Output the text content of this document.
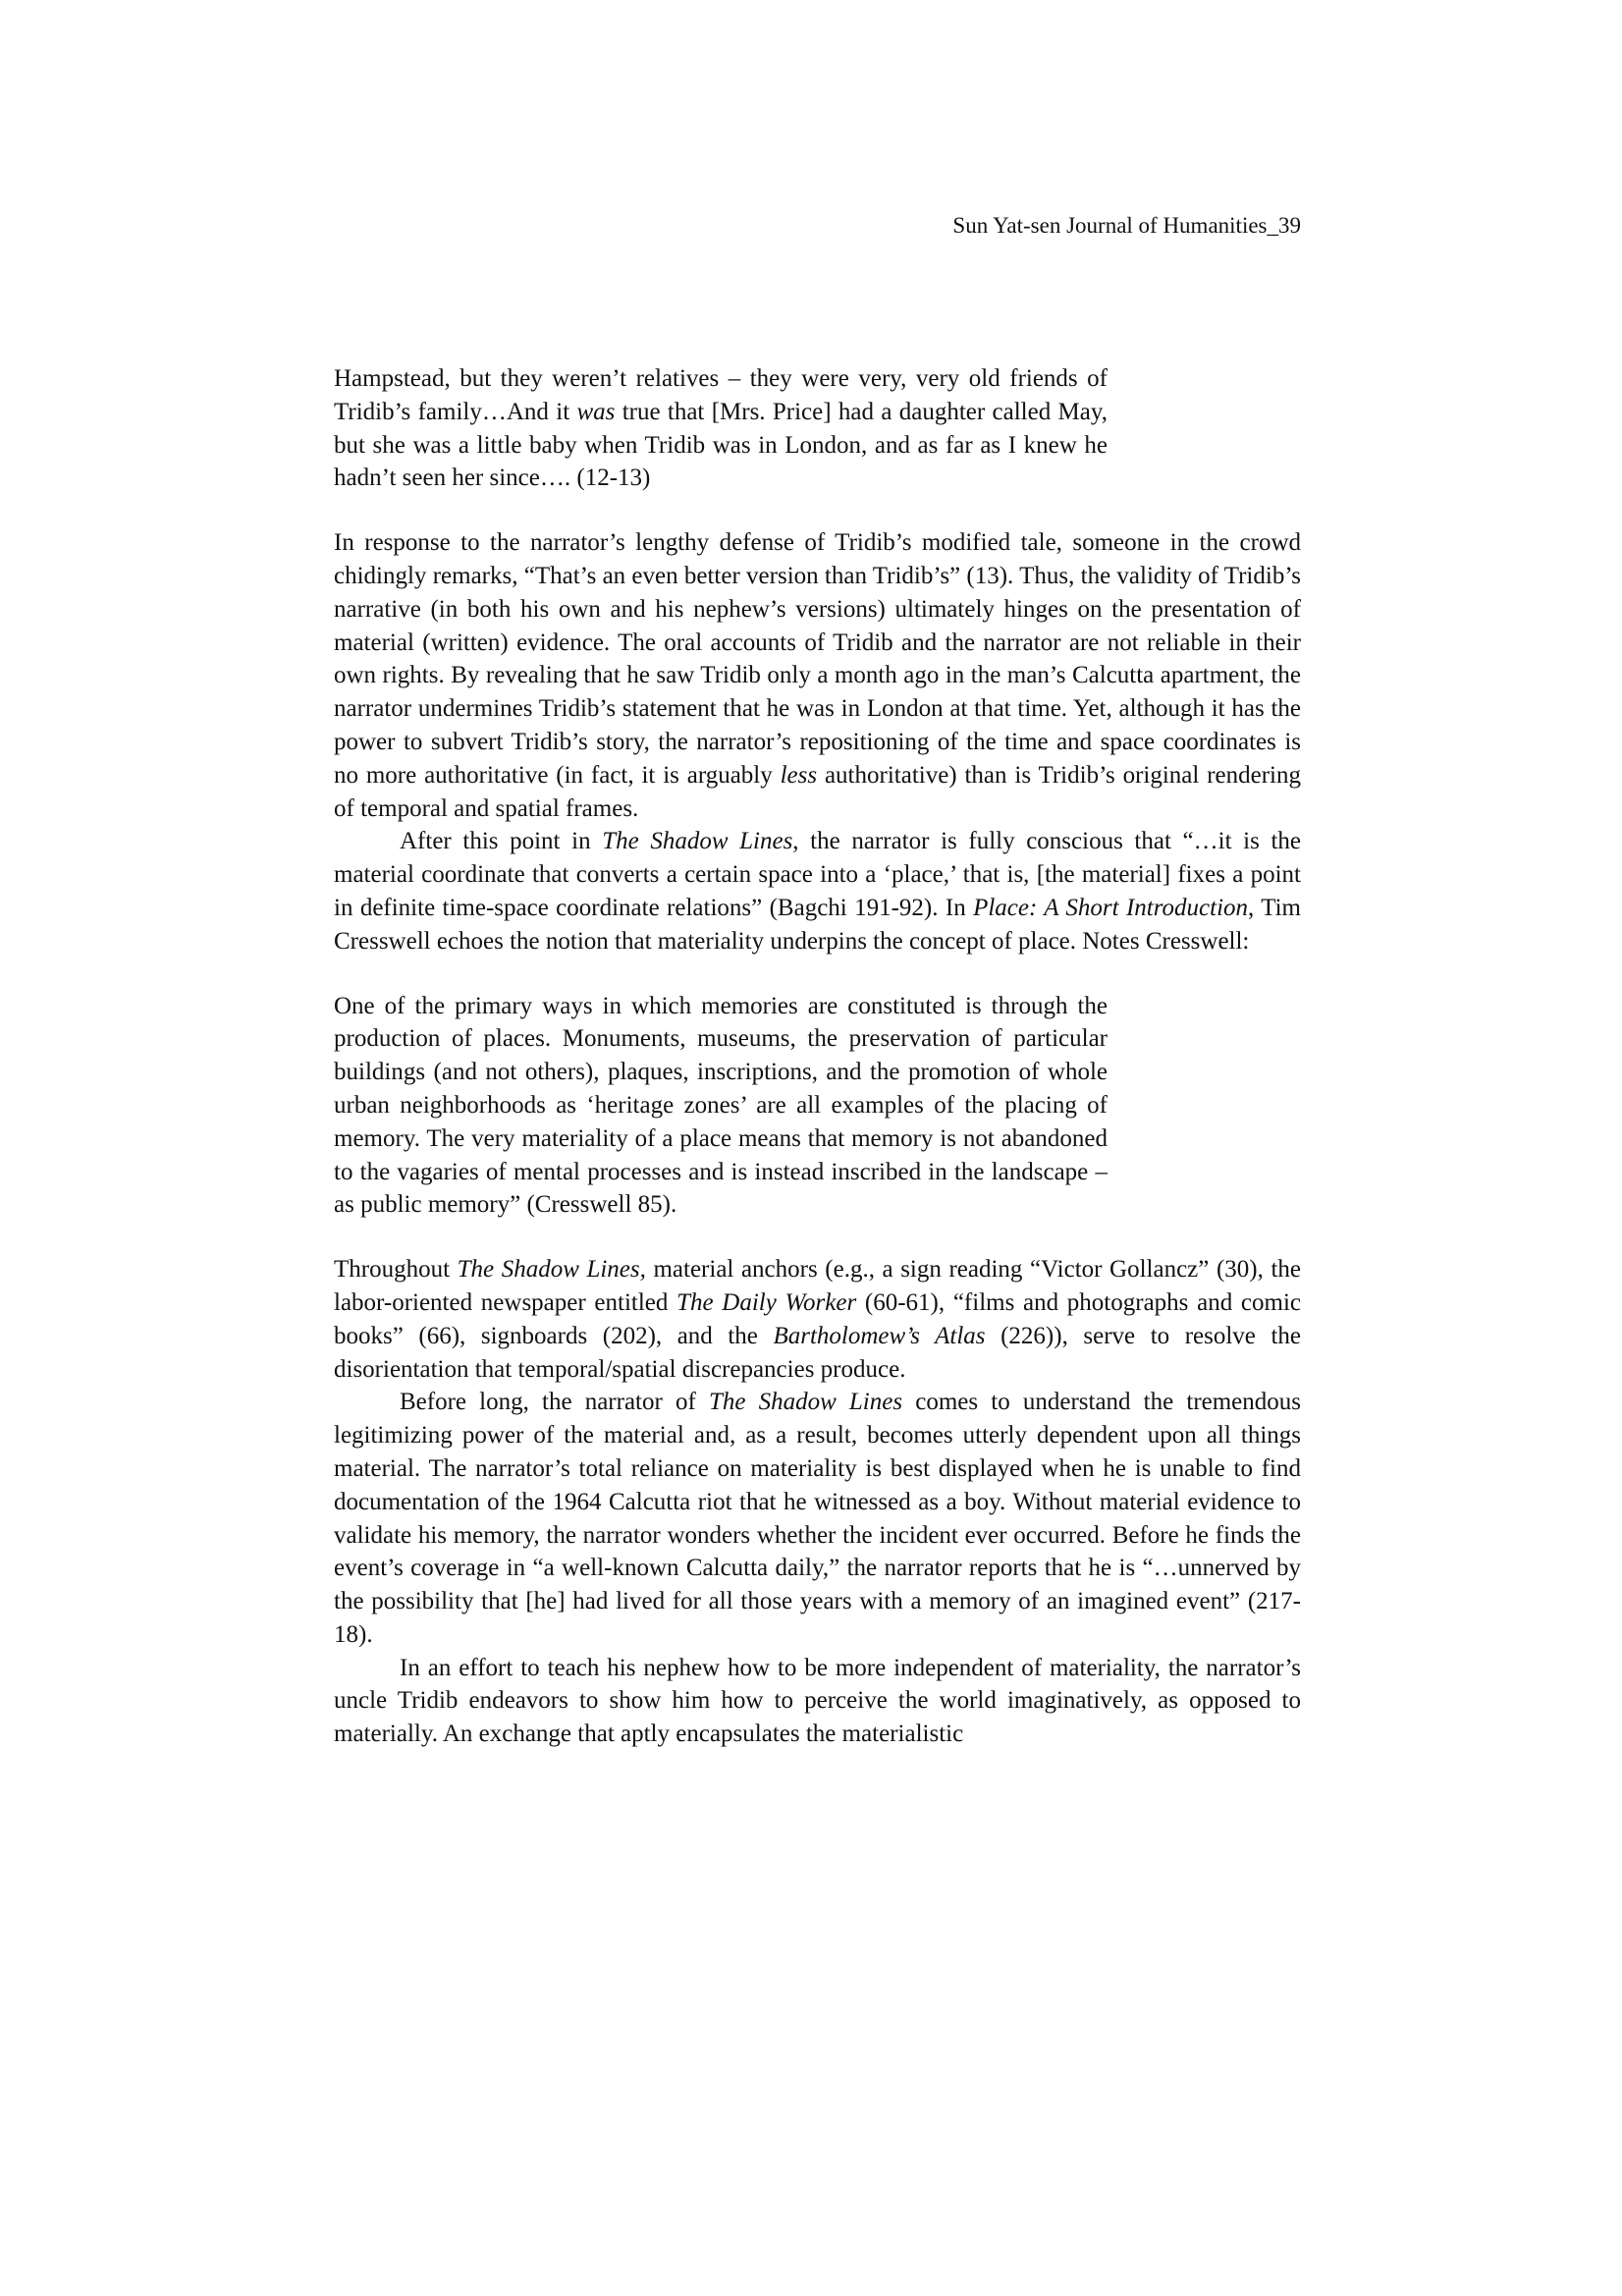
Sun Yat-sen Journal of Humanities_39

Hampstead, but they weren’t relatives – they were very, very old friends of Tridib’s family…And it was true that [Mrs. Price] had a daughter called May, but she was a little baby when Tridib was in London, and as far as I knew he hadn’t seen her since…. (12-13)

In response to the narrator’s lengthy defense of Tridib’s modified tale, someone in the crowd chidingly remarks, “That’s an even better version than Tridib’s” (13). Thus, the validity of Tridib’s narrative (in both his own and his nephew’s versions) ultimately hinges on the presentation of material (written) evidence. The oral accounts of Tridib and the narrator are not reliable in their own rights. By revealing that he saw Tridib only a month ago in the man’s Calcutta apartment, the narrator undermines Tridib’s statement that he was in London at that time. Yet, although it has the power to subvert Tridib’s story, the narrator’s repositioning of the time and space coordinates is no more authoritative (in fact, it is arguably less authoritative) than is Tridib’s original rendering of temporal and spatial frames.

After this point in The Shadow Lines, the narrator is fully conscious that “…it is the material coordinate that converts a certain space into a ‘place,’ that is, [the material] fixes a point in definite time-space coordinate relations” (Bagchi 191-92). In Place: A Short Introduction, Tim Cresswell echoes the notion that materiality underpins the concept of place. Notes Cresswell:

One of the primary ways in which memories are constituted is through the production of places. Monuments, museums, the preservation of particular buildings (and not others), plaques, inscriptions, and the promotion of whole urban neighborhoods as ‘heritage zones’ are all examples of the placing of memory. The very materiality of a place means that memory is not abandoned to the vagaries of mental processes and is instead inscribed in the landscape – as public memory” (Cresswell 85).

Throughout The Shadow Lines, material anchors (e.g., a sign reading “Victor Gollancz” (30), the labor-oriented newspaper entitled The Daily Worker (60-61), “films and photographs and comic books” (66), signboards (202), and the Bartholomew’s Atlas (226)), serve to resolve the disorientation that temporal/spatial discrepancies produce.

Before long, the narrator of The Shadow Lines comes to understand the tremendous legitimizing power of the material and, as a result, becomes utterly dependent upon all things material. The narrator’s total reliance on materiality is best displayed when he is unable to find documentation of the 1964 Calcutta riot that he witnessed as a boy. Without material evidence to validate his memory, the narrator wonders whether the incident ever occurred. Before he finds the event’s coverage in “a well-known Calcutta daily,” the narrator reports that he is “…unnerved by the possibility that [he] had lived for all those years with a memory of an imagined event” (217-18).

In an effort to teach his nephew how to be more independent of materiality, the narrator’s uncle Tridib endeavors to show him how to perceive the world imaginatively, as opposed to materially. An exchange that aptly encapsulates the materialistic
